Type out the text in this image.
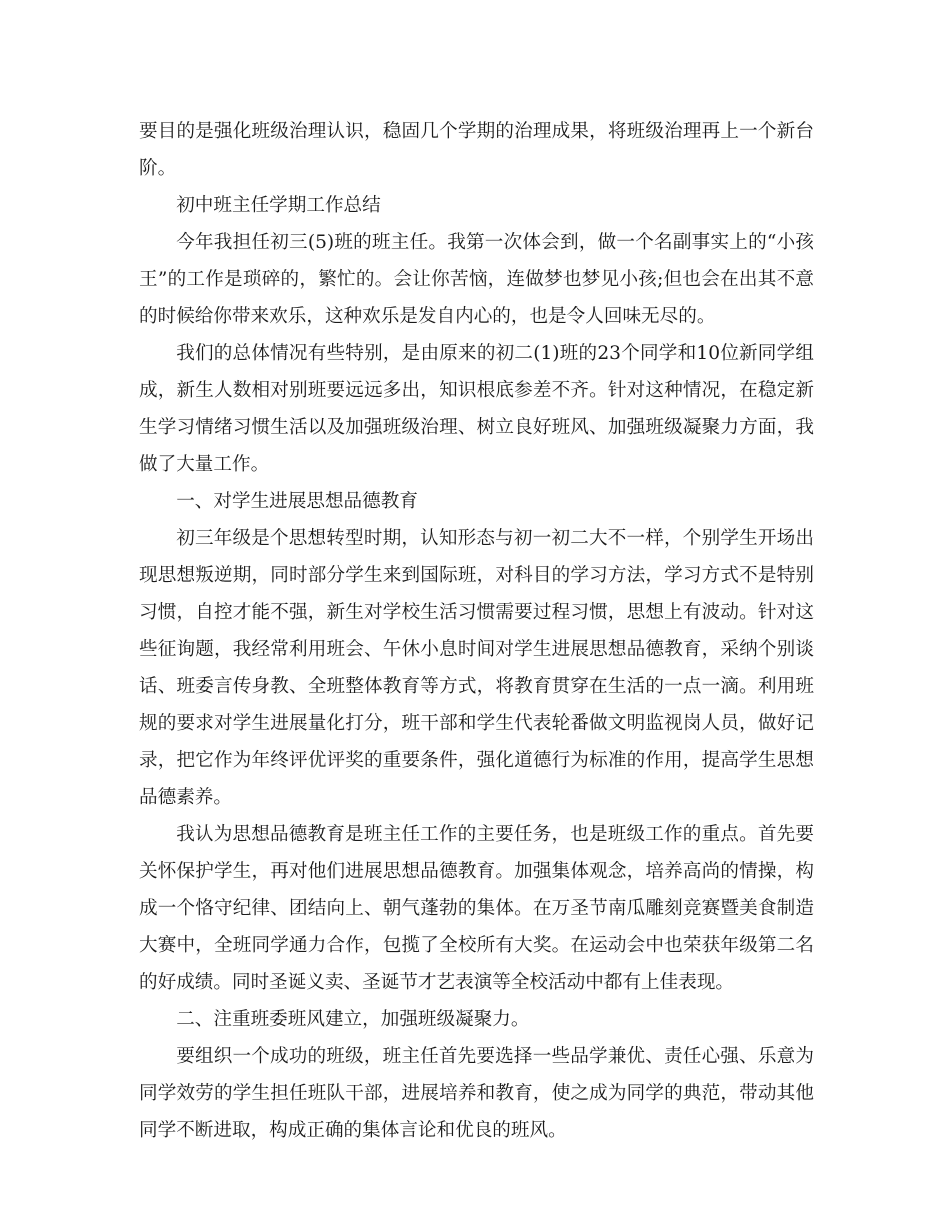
要目的是强化班级治理认识，稳固几个学期的治理成果，将班级治理再上一个新台阶。

初中班主任学期工作总结

今年我担任初三(5)班的班主任。我第一次体会到，做一个名副事实上的“小孩王”的工作是琐碎的，繁忙的。会让你苦恼，连做梦也梦见小孩;但也会在出其不意的时候给你带来欢乐，这种欢乐是发自内心的，也是令人回味无尽的。

我们的总体情况有些特别，是由原来的初二(1)班的23个同学和10位新同学组成，新生人数相对别班要远远多出，知识根底参差不齐。针对这种情况，在稳定新生学习情绪习惯生活以及加强班级治理、树立良好班风、加强班级凝聚力方面，我做了大量工作。

一、对学生进展思想品德教育

初三年级是个思想转型时期，认知形态与初一初二大不一样，个别学生开场出现思想叛逆期，同时部分学生来到国际班，对科目的学习方法，学习方式不是特别习惯，自控才能不强，新生对学校生活习惯需要过程习惯，思想上有波动。针对这些征询题，我经常利用班会、午休小息时间对学生进展思想品德教育，采纳个别谈话、班委言传身教、全班整体教育等方式，将教育贯穿在生活的一点一滴。利用班规的要求对学生进展量化打分，班干部和学生代表轮番做文明监视岗人员，做好记录，把它作为年终评优评奖的重要条件，强化道德行为标准的作用，提高学生思想品德素养。

我认为思想品德教育是班主任工作的主要任务，也是班级工作的重点。首先要关怀保护学生，再对他们进展思想品德教育。加强集体观念，培养高尚的情操，构成一个恪守纪律、团结向上、朝气蓬勃的集体。在万圣节南瓜雕刻竞赛暨美食制造大赛中，全班同学通力合作，包揽了全校所有大奖。在运动会中也荣获年级第二名的好成绩。同时圣诞义卖、圣诞节才艺表演等全校活动中都有上佳表现。

二、注重班委班风建立，加强班级凝聚力。

要组织一个成功的班级，班主任首先要选择一些品学兼优、责任心强、乐意为同学效劳的学生担任班队干部，进展培养和教育，使之成为同学的典范，带动其他同学不断进取，构成正确的集体言论和优良的班风。
